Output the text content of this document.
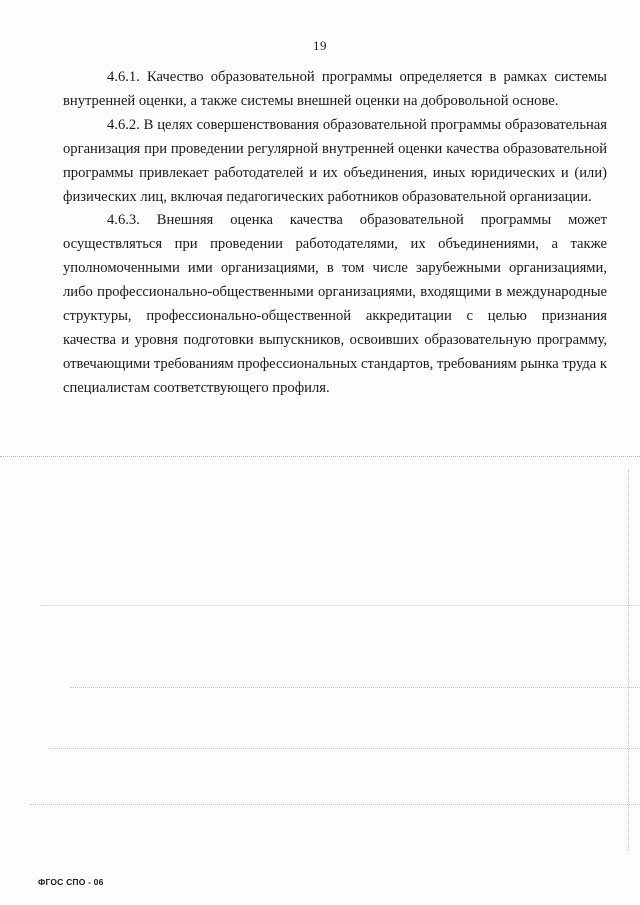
19

4.6.1. Качество образовательной программы определяется в рамках системы внутренней оценки, а также системы внешней оценки на добровольной основе.

4.6.2. В целях совершенствования образовательной программы образовательная организация при проведении регулярной внутренней оценки качества образовательной программы привлекает работодателей и их объединения, иных юридических и (или) физических лиц, включая педагогических работников образовательной организации.

4.6.3. Внешняя оценка качества образовательной программы может осуществляться при проведении работодателями, их объединениями, а также уполномоченными ими организациями, в том числе зарубежными организациями, либо профессионально-общественными организациями, входящими в международные структуры, профессионально-общественной аккредитации с целью признания качества и уровня подготовки выпускников, освоивших образовательную программу, отвечающими требованиям профессиональных стандартов, требованиям рынка труда к специалистам соответствующего профиля.

ФГОС СПО - 06
